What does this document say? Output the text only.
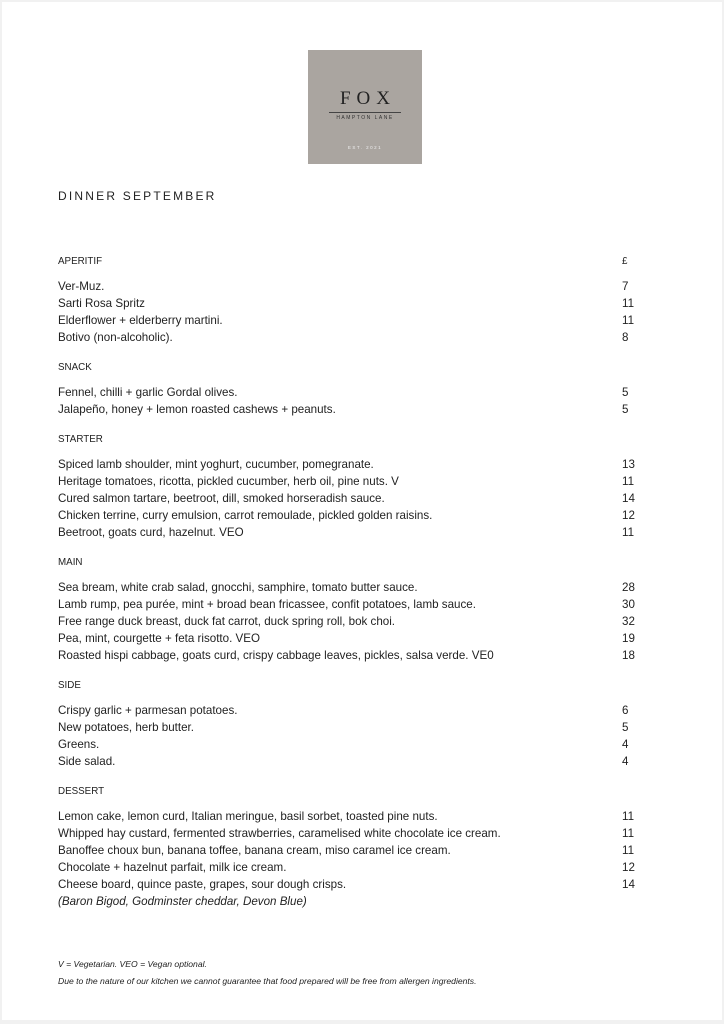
FOX
HAMPTON LANE
EST. 2021
DINNER SEPTEMBER
APERITIF	£
Ver-Muz.	7
Sarti Rosa Spritz	11
Elderflower + elderberry martini.	11
Botivo (non-alcoholic).	8
SNACK
Fennel, chilli + garlic Gordal olives.	5
Jalapeño, honey + lemon roasted cashews + peanuts.	5
STARTER
Spiced lamb shoulder, mint yoghurt, cucumber, pomegranate.	13
Heritage tomatoes, ricotta, pickled cucumber, herb oil, pine nuts. V	11
Cured salmon tartare, beetroot, dill, smoked horseradish sauce.	14
Chicken terrine, curry emulsion, carrot remoulade, pickled golden raisins.	12
Beetroot, goats curd, hazelnut. VEO	11
MAIN
Sea bream, white crab salad, gnocchi, samphire, tomato butter sauce.	28
Lamb rump, pea purée, mint + broad bean fricassee, confit potatoes, lamb sauce.	30
Free range duck breast, duck fat carrot, duck spring roll, bok choi.	32
Pea, mint, courgette + feta risotto. VEO	19
Roasted hispi cabbage, goats curd, crispy cabbage leaves, pickles, salsa verde. VE0	18
SIDE
Crispy garlic + parmesan potatoes.	6
New potatoes, herb butter.	5
Greens.	4
Side salad.	4
DESSERT
Lemon cake, lemon curd, Italian meringue, basil sorbet, toasted pine nuts.	11
Whipped hay custard, fermented strawberries, caramelised white chocolate ice cream.	11
Banoffee choux bun, banana toffee, banana cream, miso caramel ice cream.	11
Chocolate + hazelnut parfait, milk ice cream.	12
Cheese board, quince paste, grapes, sour dough crisps.	14
(Baron Bigod, Godminster cheddar, Devon Blue)
V = Vegetarian. VEO = Vegan optional.
Due to the nature of our kitchen we cannot guarantee that food prepared will be free from allergen ingredients.
